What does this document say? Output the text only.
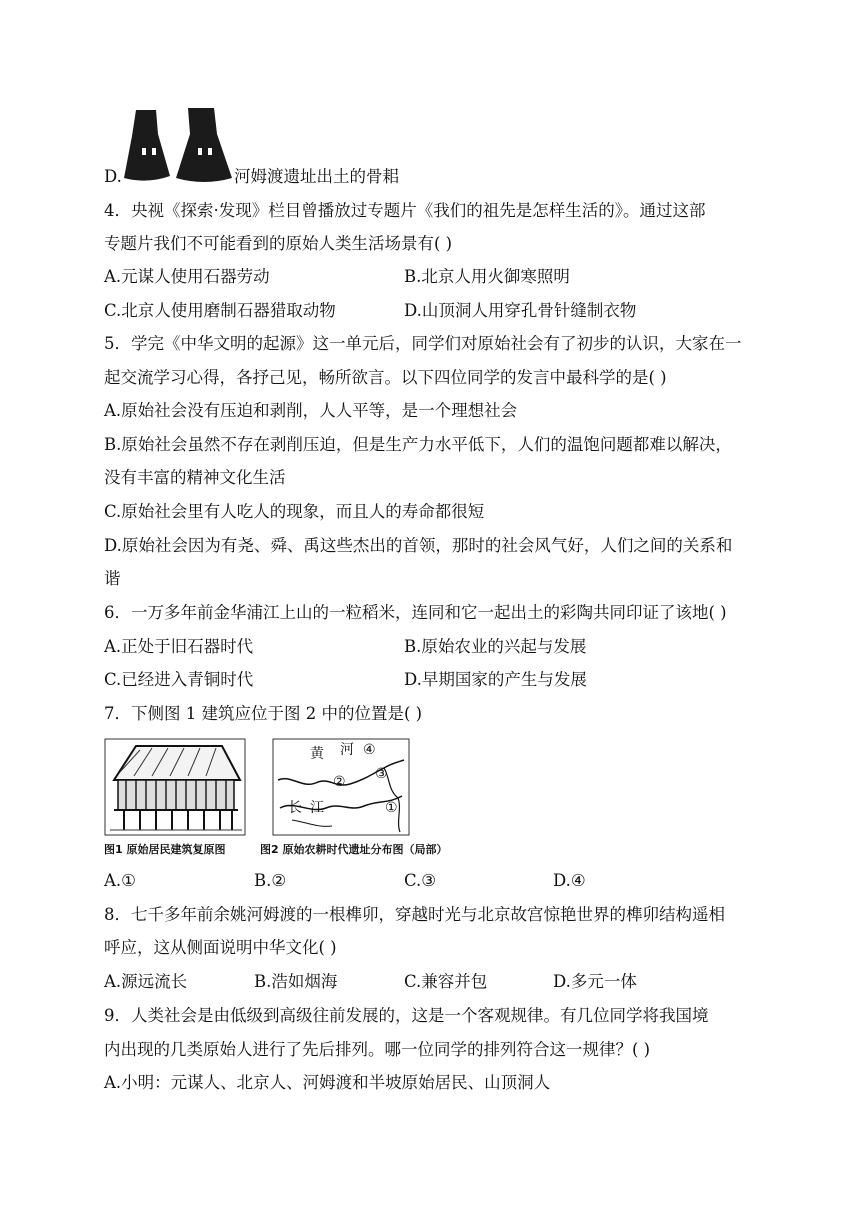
D.	河姆渡遗址出土的骨耜
4．央视《探索·发现》栏目曾播放过专题片《我们的祖先是怎样生活的》。通过这部
专题片我们不可能看到的原始人类生活场景有( )
A.元谋人使用石器劳动	B.北京人用火御寒照明
C.北京人使用磨制石器猎取动物	D.山顶洞人用穿孔骨针缝制衣物
5．学完《中华文明的起源》这一单元后，同学们对原始社会有了初步的认识，大家在一
起交流学习心得，各抒己见，畅所欲言。以下四位同学的发言中最科学的是( )
A.原始社会没有压迫和剥削，人人平等，是一个理想社会
B.原始社会虽然不存在剥削压迫，但是生产力水平低下，人们的温饱问题都难以解决，
没有丰富的精神文化生活
C.原始社会里有人吃人的现象，而且人的寿命都很短
D.原始社会因为有尧、舜、禹这些杰出的首领，那时的社会风气好，人们之间的关系和
谐
6．一万多年前金华浦江上山的一粒稻米，连同和它一起出土的彩陶共同印证了该地( )
A.正处于旧石器时代	B.原始农业的兴起与发展
C.已经进入青铜时代	D.早期国家的产生与发展
7．下侧图 1 建筑应位于图 2 中的位置是( )
黄 河 ④
② ③
长 江	①
图1 原始居民建筑复原图	图2 原始农耕时代遗址分布图（局部）
A.①	B.②	C.③	D.④
8．七千多年前余姚河姆渡的一根榫卯，穿越时光与北京故宫惊艳世界的榫卯结构遥相
呼应，这从侧面说明中华文化( )
A.源远流长	B.浩如烟海	C.兼容并包	D.多元一体
9．人类社会是由低级到高级往前发展的，这是一个客观规律。有几位同学将我国境
内出现的几类原始人进行了先后排列。哪一位同学的排列符合这一规律？( )
A.小明：元谋人、北京人、河姆渡和半坡原始居民、山顶洞人
